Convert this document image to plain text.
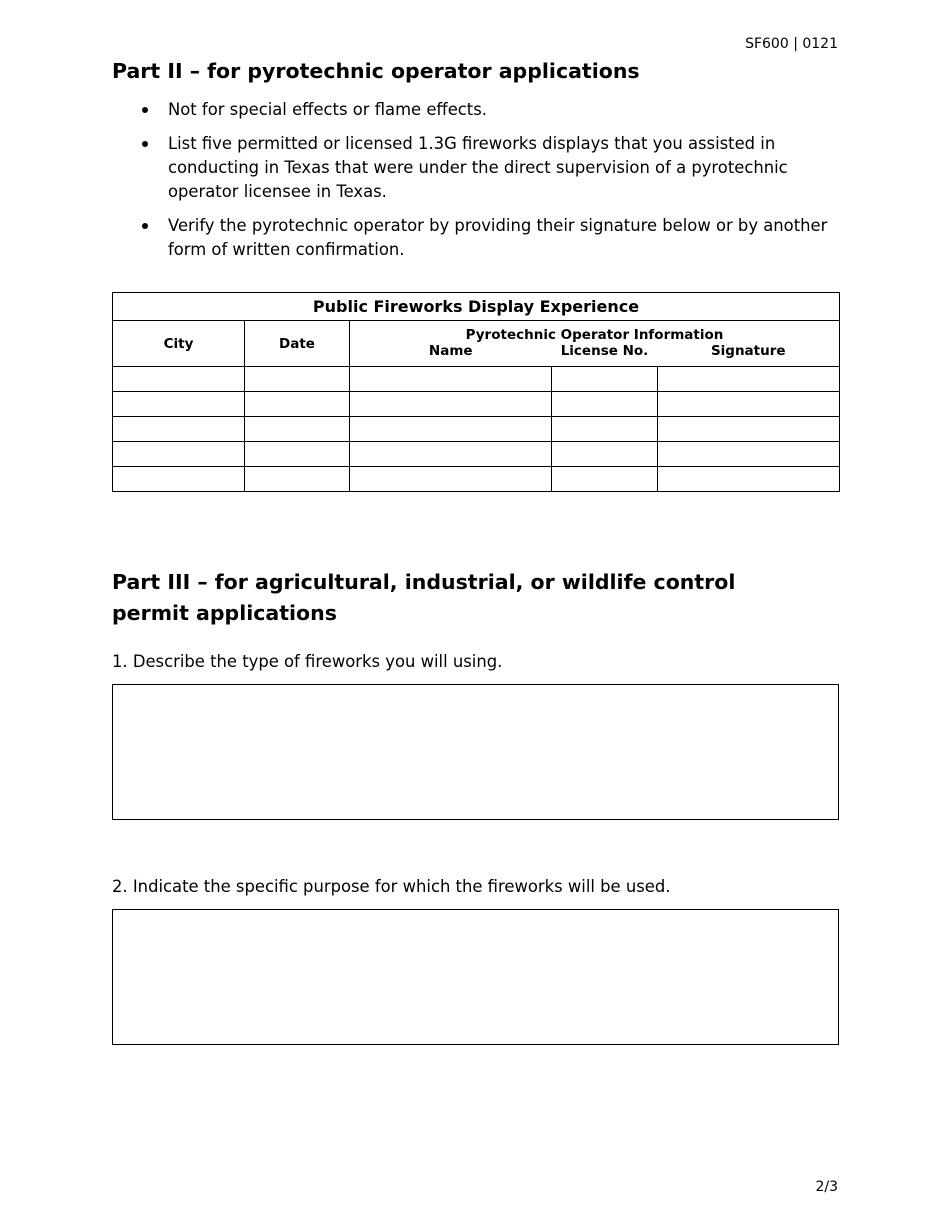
SF600 | 0121
Part II – for pyrotechnic operator applications
Not for special effects or flame effects.
List five permitted or licensed 1.3G fireworks displays that you assisted in conducting in Texas that were under the direct supervision of a pyrotechnic operator licensee in Texas.
Verify the pyrotechnic operator by providing their signature below or by another form of written confirmation.
Public Fireworks Display Experience				
City	Date	Pyrotechnic Operator Information		
		Name	License No.	Signature

Part III – for agricultural, industrial, or wildlife control permit applications

1. Describe the type of fireworks you will using.

2. Indicate the specific purpose for which the fireworks will be used.

2/3
